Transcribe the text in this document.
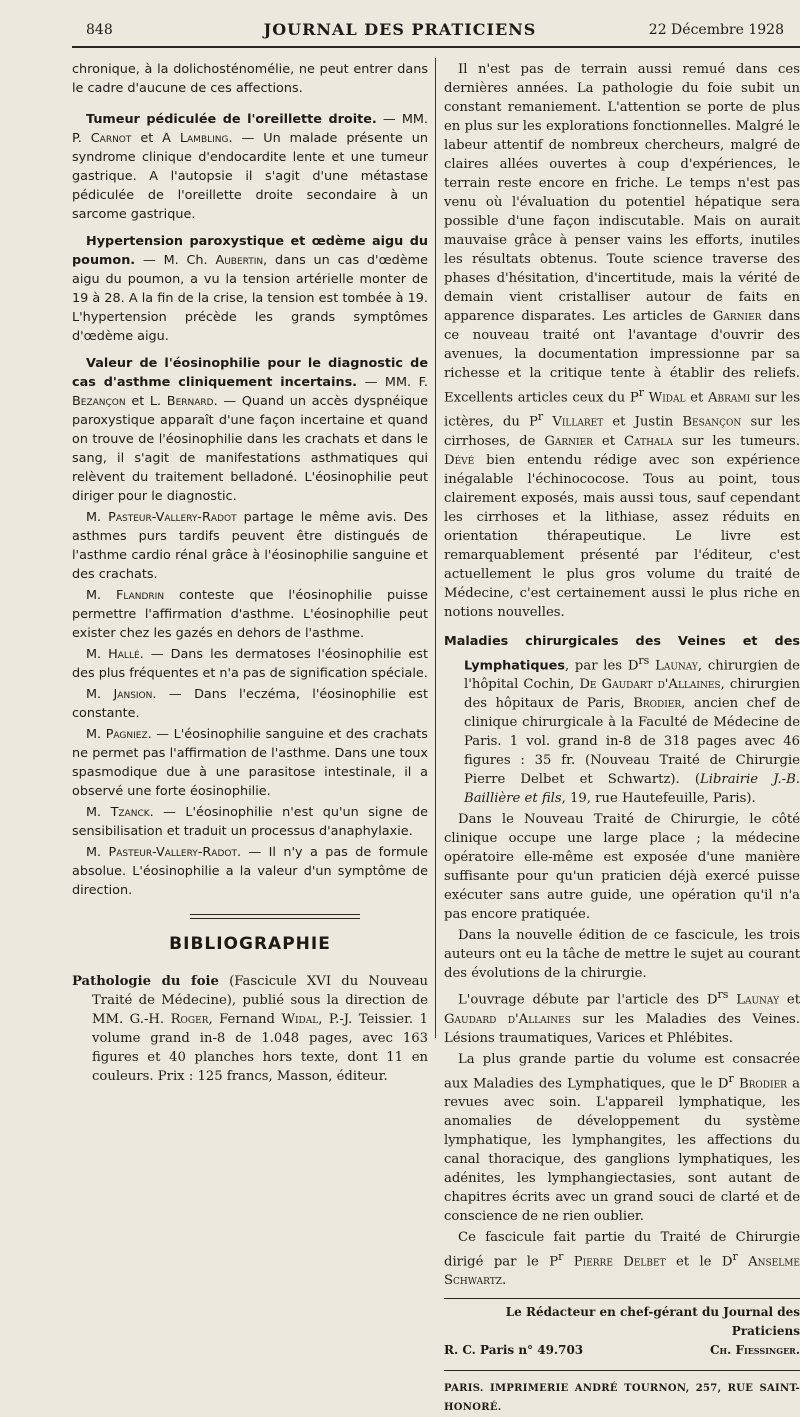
848	JOURNAL DES PRATICIENS	22 Décembre 1928

chronique, à la dolichosténomélie, ne peut entrer dans le cadre d'aucune de ces affections.

Tumeur pédiculée de l'oreillette droite. — MM. P. Carnot et A Lambling. — Un malade présente un syndrome clinique d'endocardite lente et une tumeur gastrique. A l'autopsie il s'agit d'une métastase pédiculée de l'oreillette droite secondaire à un sarcome gastrique.

Hypertension paroxystique et œdème aigu du poumon. — M. Ch. Aubertin, dans un cas d'œdème aigu du poumon, a vu la tension artérielle monter de 19 à 28. A la fin de la crise, la tension est tombée à 19. L'hypertension précède les grands symptômes d'œdème aigu.

Valeur de l'éosinophilie pour le diagnostic de cas d'asthme cliniquement incertains. — MM. F. Bezançon et L. Bernard. — Quand un accès dyspnéique paroxystique apparaît d'une façon incertaine et quand on trouve de l'éosinophilie dans les crachats et dans le sang, il s'agit de manifestations asthmatiques qui relèvent du traitement belladoné. L'éosinophilie peut diriger pour le diagnostic.

M. Pasteur-Vallery-Radot partage le même avis. Des asthmes purs tardifs peuvent être distingués de l'asthme cardio rénal grâce à l'éosinophilie sanguine et des crachats.

M. Flandrin conteste que l'éosinophilie puisse permettre l'affirmation d'asthme. L'éosinophilie peut exister chez les gazés en dehors de l'asthme.

M. Hallé. — Dans les dermatoses l'éosinophilie est des plus fréquentes et n'a pas de signification spéciale.

M. Jansion. — Dans l'eczéma, l'éosinophilie est constante.

M. Pagniez. — L'éosinophilie sanguine et des crachats ne permet pas l'affirmation de l'asthme. Dans une toux spasmodique due à une parasitose intestinale, il a observé une forte éosinophilie.

M. Tzanck. — L'éosinophilie n'est qu'un signe de sensibilisation et traduit un processus d'anaphylaxie.

M. Pasteur-Vallery-Radot. — Il n'y a pas de formule absolue. L'éosinophilie a la valeur d'un symptôme de direction.

BIBLIOGRAPHIE

Pathologie du foie (Fascicule XVI du Nouveau Traité de Médecine), publié sous la direction de MM. G.-H. Roger, Fernand Widal, P.-J. Teissier. 1 volume grand in-8 de 1.048 pages, avec 163 figures et 40 planches hors texte, dont 11 en couleurs. Prix : 125 francs, Masson, éditeur.

Il n'est pas de terrain aussi remué dans ces dernières années. La pathologie du foie subit un constant remaniement. L'attention se porte de plus en plus sur les explorations fonctionnelles. Malgré le labeur attentif de nombreux chercheurs, malgré de claires allées ouvertes à coup d'expériences, le terrain reste encore en friche. Le temps n'est pas venu où l'évaluation du potentiel hépatique sera possible d'une façon indiscutable. Mais on aurait mauvaise grâce à penser vains les efforts, inutiles les résultats obtenus. Toute science traverse des phases d'hésitation, d'incertitude, mais la vérité de demain vient cristalliser autour de faits en apparence disparates. Les articles de Garnier dans ce nouveau traité ont l'avantage d'ouvrir des avenues, la documentation impressionne par sa richesse et la critique tente à établir des reliefs. Excellents articles ceux du $P^r$ Widal et Abrami sur les ictères, du $P^r$ Villaret et Justin Besançon sur les cirrhoses, de Garnier et Cathala sur les tumeurs. Dévé bien entendu rédige avec son expérience inégalable l'échinococose. Tous au point, tous clairement exposés, mais aussi tous, sauf cependant les cirrhoses et la lithiase, assez réduits en orientation thérapeutique. Le livre est remarquablement présenté par l'éditeur, c'est actuellement le plus gros volume du traité de Médecine, c'est certainement aussi le plus riche en notions nouvelles.

Maladies chirurgicales des Veines et des Lymphatiques, par les $D^{rs}$ Launay, chirurgien de l'hôpital Cochin, De Gaudart d'Allaines, chirurgien des hôpitaux de Paris, Brodier, ancien chef de clinique chirurgicale à la Faculté de Médecine de Paris. 1 vol. grand in-8 de 318 pages avec 46 figures : 35 fr. (Nouveau Traité de Chirurgie Pierre Delbet et Schwartz). (Librairie J.-B. Baillière et fils, 19, rue Hautefeuille, Paris).

Dans le Nouveau Traité de Chirurgie, le côté clinique occupe une large place ; la médecine opératoire elle-même est exposée d'une manière suffisante pour qu'un praticien déjà exercé puisse exécuter sans autre guide, une opération qu'il n'a pas encore pratiquée.

Dans la nouvelle édition de ce fascicule, les trois auteurs ont eu la tâche de mettre le sujet au courant des évolutions de la chirurgie.

L'ouvrage débute par l'article des $D^{rs}$ Launay et Gaudard d'Allaines sur les Maladies des Veines. Lésions traumatiques, Varices et Phlébites.

La plus grande partie du volume est consacrée aux Maladies des Lymphatiques, que le $D^r$ Brodier a revues avec soin. L'appareil lymphatique, les anomalies de développement du système lymphatique, les lymphangites, les affections du canal thoracique, des ganglions lymphatiques, les adénites, les lymphangiectasies, sont autant de chapitres écrits avec un grand souci de clarté et de conscience de ne rien oublier.

Ce fascicule fait partie du Traité de Chirurgie dirigé par le $P^r$ Pierre Delbet et le $D^r$ Anselme Schwartz.

Le Rédacteur en chef-gérant du Journal des Praticiens
R. C. Paris n° 49.703	Ch. Fiessinger.
PARIS. IMPRIMERIE ANDRÉ TOURNON, 257, RUE SAINT-HONORÉ.
